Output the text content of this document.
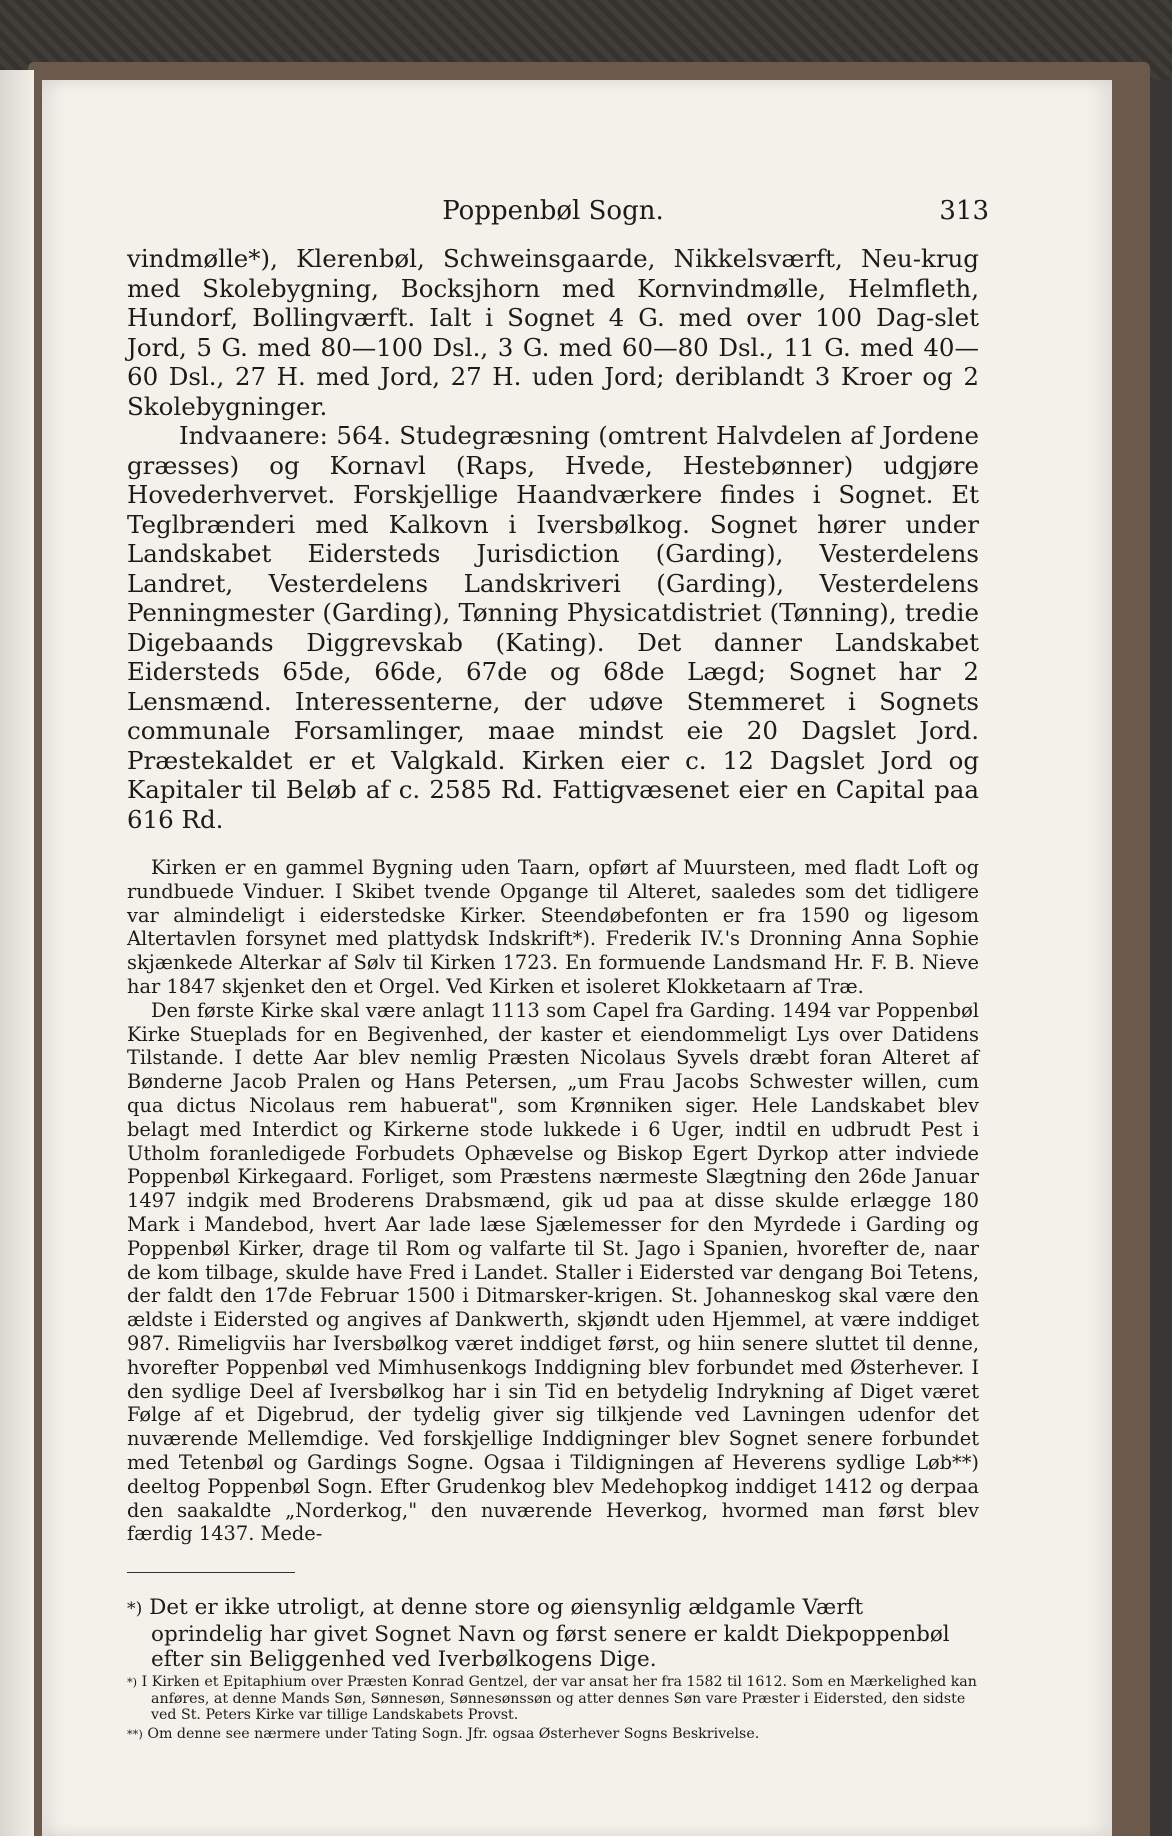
Poppenbøl Sogn.	313

vindmølle*), Klerenbøl, Schweinsgaarde, Nikkelsværft, Neu-krug med Skolebygning, Bocksjhorn med Kornvindmølle, Helmfleth, Hundorf, Bollingværft. Ialt i Sognet 4 G. med over 100 Dag-slet Jord, 5 G. med 80—100 Dsl., 3 G. med 60—80 Dsl., 11 G. med 40—60 Dsl., 27 H. med Jord, 27 H. uden Jord; deriblandt 3 Kroer og 2 Skolebygninger.

Indvaanere: 564. Studegræsning (omtrent Halvdelen af Jordene græsses) og Kornavl (Raps, Hvede, Hestebønner) udgjøre Hovederhvervet. Forskjellige Haandværkere findes i Sognet. Et Teglbrænderi med Kalkovn i Iversbølkog. Sognet hører under Landskabet Eidersteds Jurisdiction (Garding), Vesterdelens Landret, Vesterdelens Landskriveri (Garding), Vesterdelens Penningmester (Garding), Tønning Physicatdistriet (Tønning), tredie Digebaands Diggrevskab (Kating). Det danner Landskabet Eidersteds 65de, 66de, 67de og 68de Lægd; Sognet har 2 Lensmænd. Interessenterne, der udøve Stemmeret i Sognets communale Forsamlinger, maae mindst eie 20 Dagslet Jord. Præstekaldet er et Valgkald. Kirken eier c. 12 Dagslet Jord og Kapitaler til Beløb af c. 2585 Rd. Fattigvæsenet eier en Capital paa 616 Rd.

Kirken er en gammel Bygning uden Taarn, opført af Muursteen, med fladt Loft og rundbuede Vinduer. I Skibet tvende Opgange til Alteret, saaledes som det tidligere var almindeligt i eiderstedske Kirker. Steendøbefonten er fra 1590 og ligesom Altertavlen forsynet med plattydsk Indskrift*). Frederik IV.'s Dronning Anna Sophie skjænkede Alterkar af Sølv til Kirken 1723. En formuende Landsmand Hr. F. B. Nieve har 1847 skjenket den et Orgel. Ved Kirken et isoleret Klokketaarn af Træ.

Den første Kirke skal være anlagt 1113 som Capel fra Garding. 1494 var Poppenbøl Kirke Stueplads for en Begivenhed, der kaster et eiendommeligt Lys over Datidens Tilstande. I dette Aar blev nemlig Præsten Nicolaus Syvels dræbt foran Alteret af Bønderne Jacob Pralen og Hans Petersen, „um Frau Jacobs Schwester willen, cum qua dictus Nicolaus rem habuerat", som Krønniken siger. Hele Landskabet blev belagt med Interdict og Kirkerne stode lukkede i 6 Uger, indtil en udbrudt Pest i Utholm foranledigede Forbudets Ophævelse og Biskop Egert Dyrkop atter indviede Poppenbøl Kirkegaard. Forliget, som Præstens nærmeste Slægtning den 26de Januar 1497 indgik med Broderens Drabsmænd, gik ud paa at disse skulde erlægge 180 Mark i Mandebod, hvert Aar lade læse Sjælemesser for den Myrdede i Garding og Poppenbøl Kirker, drage til Rom og valfarte til St. Jago i Spanien, hvorefter de, naar de kom tilbage, skulde have Fred i Landet. Staller i Eidersted var dengang Boi Tetens, der faldt den 17de Februar 1500 i Ditmarsker-krigen. St. Johanneskog skal være den ældste i Eidersted og angives af Dankwerth, skjøndt uden Hjemmel, at være inddiget 987. Rimeligviis har Iversbølkog været inddiget først, og hiin senere sluttet til denne, hvorefter Poppenbøl ved Mimhusenkogs Inddigning blev forbundet med Østerhever. I den sydlige Deel af Iversbølkog har i sin Tid en betydelig Indrykning af Diget været Følge af et Digebrud, der tydelig giver sig tilkjende ved Lavningen udenfor det nuværende Mellemdige. Ved forskjellige Inddigninger blev Sognet senere forbundet med Tetenbøl og Gardings Sogne. Ogsaa i Tildigningen af Heverens sydlige Løb**) deeltog Poppenbøl Sogn. Efter Grudenkog blev Medehopkog inddiget 1412 og derpaa den saakaldte „Norderkog," den nuværende Heverkog, hvormed man først blev færdig 1437. Mede-

*) Det er ikke utroligt, at denne store og øiensynlig ældgamle Værft oprindelig har givet Sognet Navn og først senere er kaldt Diekpoppenbøl efter sin Beliggenhed ved Iverbølkogens Dige.

*) I Kirken et Epitaphium over Præsten Konrad Gentzel, der var ansat her fra 1582 til 1612. Som en Mærkelighed kan anføres, at denne Mands Søn, Sønnesøn, Sønnesønssøn og atter dennes Søn vare Præster i Eidersted, den sidste ved St. Peters Kirke var tillige Landskabets Provst.

**) Om denne see nærmere under Tating Sogn. Jfr. ogsaa Østerhever Sogns Beskrivelse.
